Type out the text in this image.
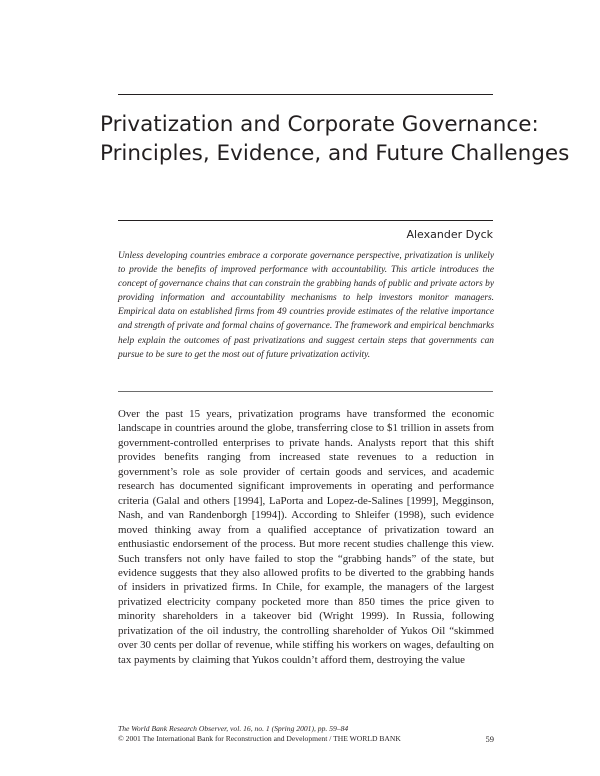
Privatization and Corporate Governance:
Principles, Evidence, and Future Challenges
Alexander Dyck

Unless developing countries embrace a corporate governance perspective, privatization is unlikely to provide the benefits of improved performance with accountability. This article introduces the concept of governance chains that can constrain the grabbing hands of public and private actors by providing information and accountability mechanisms to help investors monitor managers. Empirical data on established firms from 49 countries provide estimates of the relative importance and strength of private and formal chains of governance. The framework and empirical benchmarks help explain the outcomes of past privatizations and suggest certain steps that governments can pursue to be sure to get the most out of future privatization activity.

Over the past 15 years, privatization programs have transformed the economic landscape in countries around the globe, transferring close to $1 trillion in assets from government-controlled enterprises to private hands. Analysts report that this shift provides benefits ranging from increased state revenues to a reduction in government’s role as sole provider of certain goods and services, and academic research has documented significant improvements in operating and performance criteria (Galal and others [1994], LaPorta and Lopez-de-Salines [1999], Megginson, Nash, and van Randenborgh [1994]). According to Shleifer (1998), such evidence moved thinking away from a qualified acceptance of privatization toward an enthusiastic endorsement of the process. But more recent studies challenge this view. Such transfers not only have failed to stop the “grabbing hands” of the state, but evidence suggests that they also allowed profits to be diverted to the grabbing hands of insiders in privatized firms. In Chile, for example, the managers of the largest privatized electricity company pocketed more than 850 times the price given to minority shareholders in a takeover bid (Wright 1999). In Russia, following privatization of the oil industry, the controlling shareholder of Yukos Oil “skimmed over 30 cents per dollar of revenue, while stiffing his workers on wages, defaulting on tax payments by claiming that Yukos couldn’t afford them, destroying the value

The World Bank Research Observer, vol. 16, no. 1 (Spring 2001), pp. 59–84
© 2001 The International Bank for Reconstruction and Development / THE WORLD BANK	59
